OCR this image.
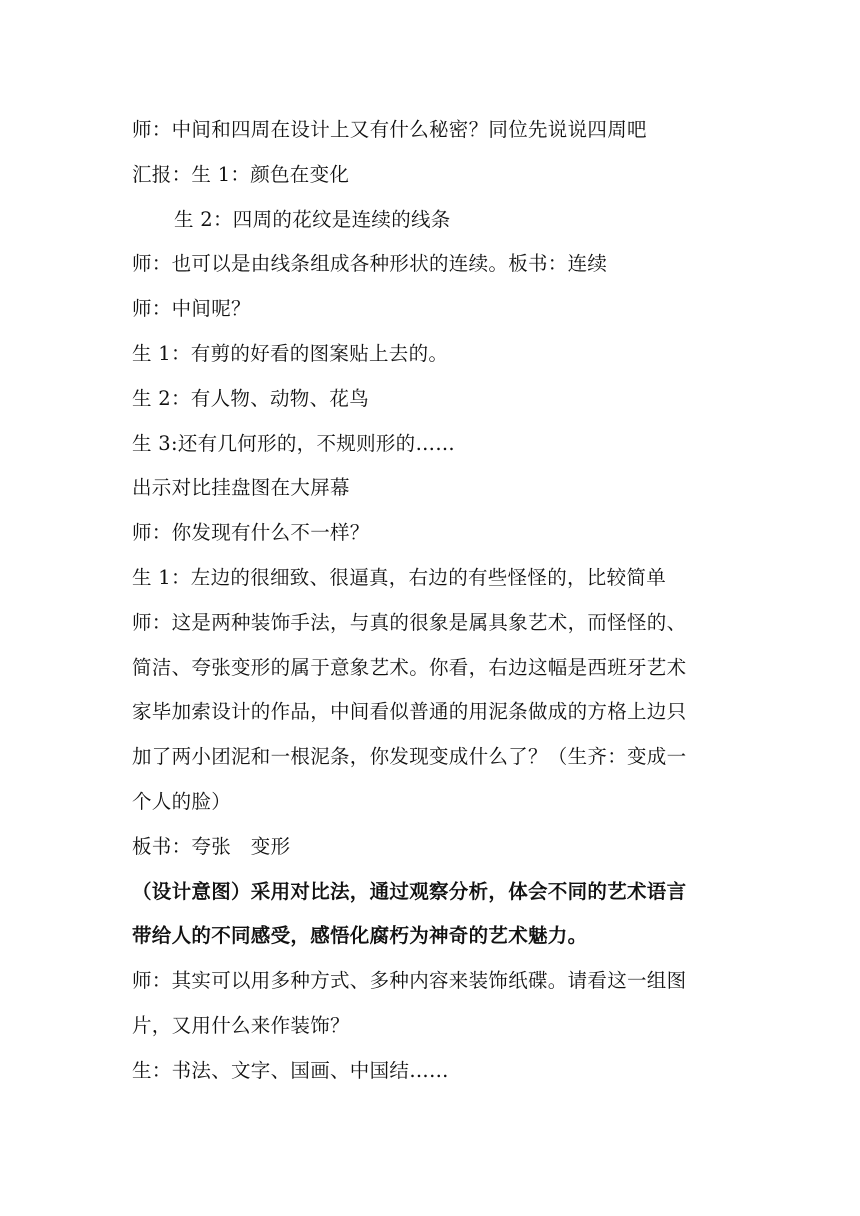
师：中间和四周在设计上又有什么秘密？同位先说说四周吧
汇报：生 1：颜色在变化
生 2：四周的花纹是连续的线条
师：也可以是由线条组成各种形状的连续。板书：连续
师：中间呢？
生 1：有剪的好看的图案贴上去的。
生 2：有人物、动物、花鸟
生 3:还有几何形的，不规则形的……
出示对比挂盘图在大屏幕
师：你发现有什么不一样？
生 1：左边的很细致、很逼真，右边的有些怪怪的，比较简单
师：这是两种装饰手法，与真的很象是属具象艺术，而怪怪的、
简洁、夸张变形的属于意象艺术。你看，右边这幅是西班牙艺术
家毕加索设计的作品，中间看似普通的用泥条做成的方格上边只
加了两小团泥和一根泥条，你发现变成什么了？（生齐：变成一
个人的脸）
板书：夸张　变形
（设计意图）采用对比法，通过观察分析，体会不同的艺术语言
带给人的不同感受，感悟化腐朽为神奇的艺术魅力。
师：其实可以用多种方式、多种内容来装饰纸碟。请看这一组图
片，又用什么来作装饰？
生：书法、文字、国画、中国结……
